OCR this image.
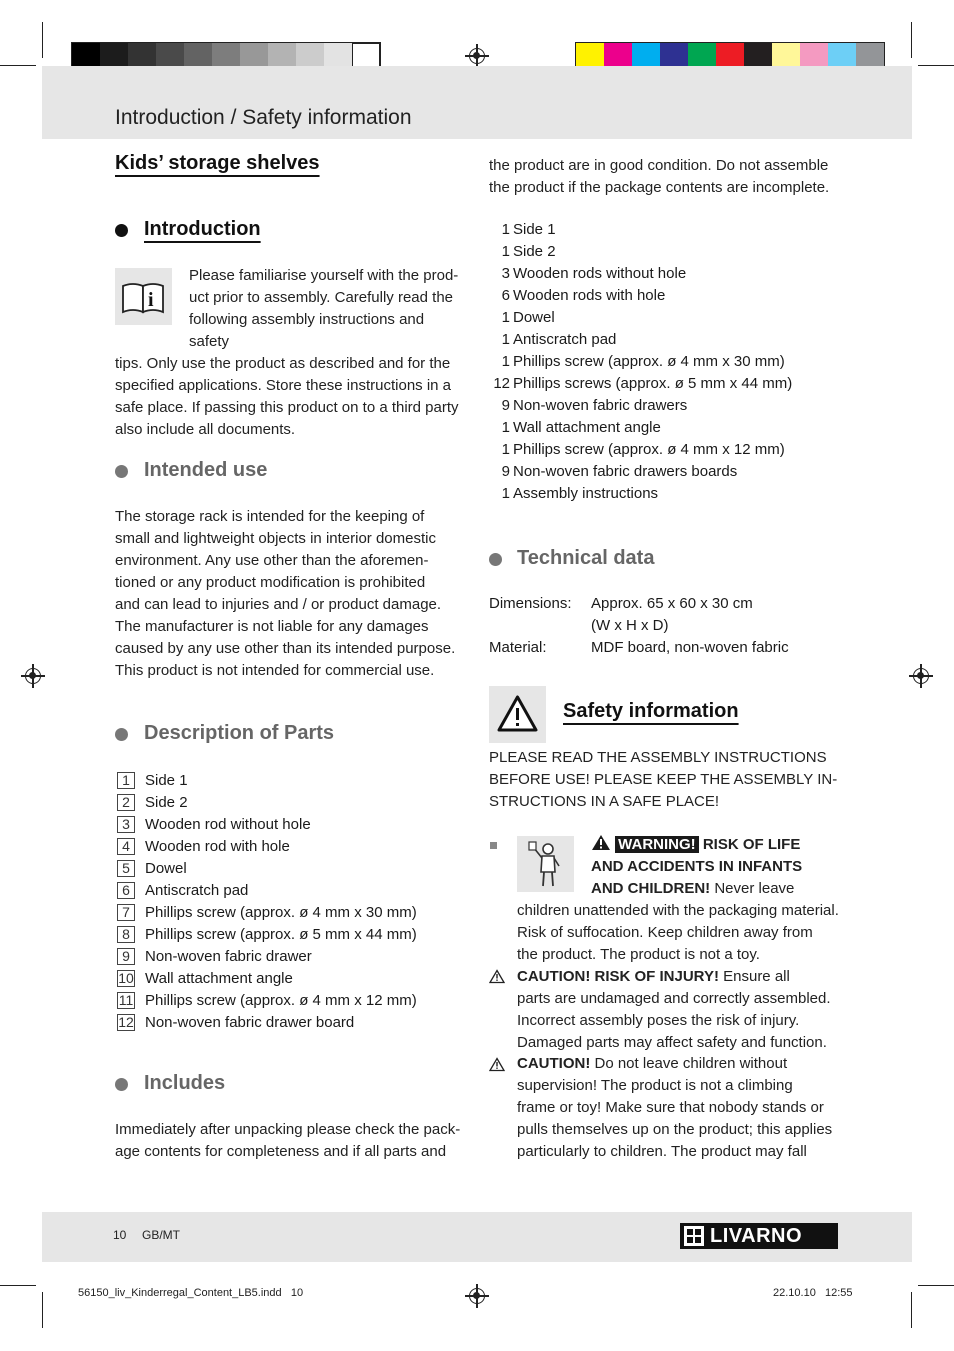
Introduction / Safety information
Kids’ storage shelves
Introduction
i
Please familiarise yourself with the prod-
uct prior to assembly. Carefully read the
following assembly instructions and safety
tips. Only use the product as described and for the
specified applications. Store these instructions in a
safe place. If passing this product on to a third party
also include all documents.
Intended use
The storage rack is intended for the keeping of
small and lightweight objects in interior domestic
environment. Any use other than the aforemen-
tioned or any product modification is prohibited
and can lead to injuries and / or product damage.
The manufacturer is not liable for any damages
caused by any use other than its intended purpose.
This product is not intended for commercial use.
Description of Parts
1	Side 1
2	Side 2
3	Wooden rod without hole
4	Wooden rod with hole
5	Dowel
6	Antiscratch pad
7	Phillips screw (approx. ø 4 mm x 30 mm)
8	Phillips screw (approx. ø 5 mm x 44 mm)
9	Non-woven fabric drawer
10 Wall attachment angle
11 Phillips screw (approx. ø 4 mm x 12 mm)
12 Non-woven fabric drawer board
Includes
Immediately after unpacking please check the pack-
age contents for completeness and if all parts and
the product are in good condition. Do not assemble
the product if the package contents are incomplete.
1 Side 1
1 Side 2
3 Wooden rods without hole
6 Wooden rods with hole
1 Dowel
1 Antiscratch pad
1 Phillips screw (approx. ø 4 mm x 30 mm)
12 Phillips screws (approx. ø 5 mm x 44 mm)
9 Non-woven fabric drawers
1 Wall attachment angle
1 Phillips screw (approx. ø 4 mm x 12 mm)
9 Non-woven fabric drawers boards
1 Assembly instructions
Technical data
Dimensions:	Approx. 65 x 60 x 30 cm
(W x H x D)
Material:	MDF board, non-woven fabric
Safety information
PLEASE READ THE ASSEMBLY INSTRUCTIONS
BEFORE USE! PLEASE KEEP THE ASSEMBLY IN-
STRUCTIONS IN A SAFE PLACE!
WARNING! RISK OF LIFE
AND ACCIDENTS IN INFANTS
AND CHILDREN! Never leave
children unattended with the packaging material.
Risk of suffocation. Keep children away from
the product. The product is not a toy.
CAUTION! RISK OF INJURY! Ensure all
parts are undamaged and correctly assembled.
Incorrect assembly poses the risk of injury.
Damaged parts may affect safety and function.
CAUTION! Do not leave children without
supervision! The product is not a climbing
frame or toy! Make sure that nobody stands or
pulls themselves up on the product; this applies
particularly to children. The product may fall
10 GB/MT	LIVARNO
56150_liv_Kinderregal_Content_LB5.indd   10	22.10.10   12:55
